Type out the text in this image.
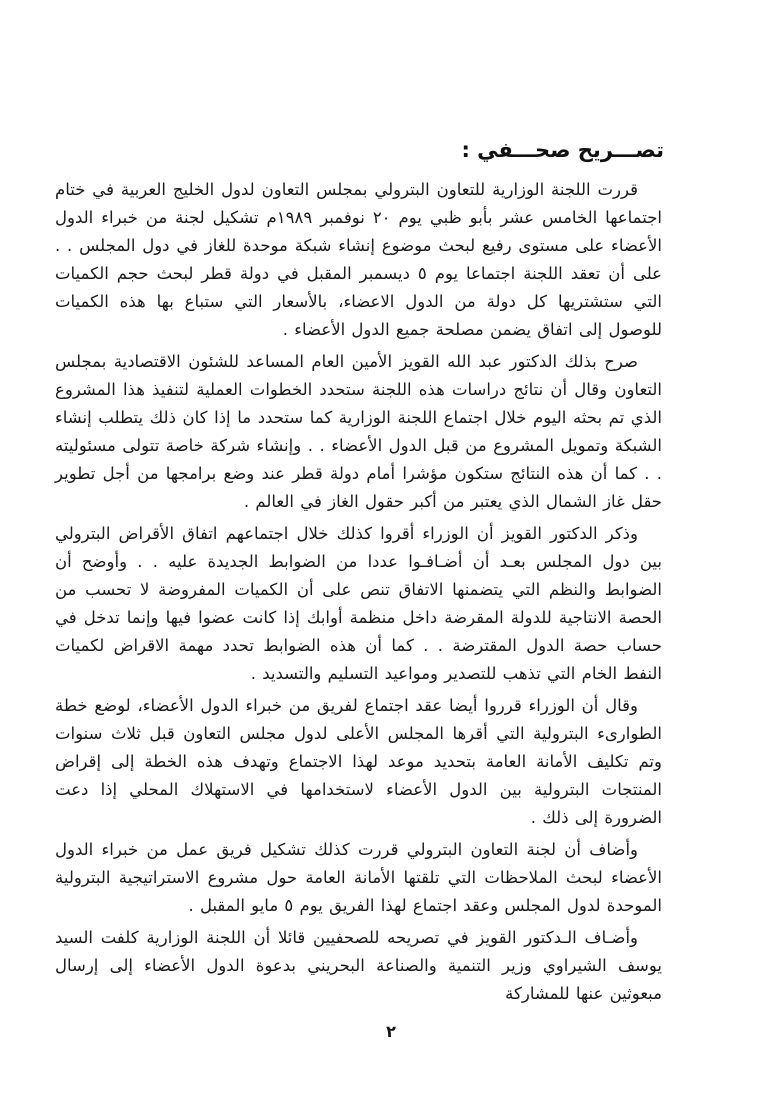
تصـــريح صحـــفي :

قررت اللجنة الوزارية للتعاون البترولي بمجلس التعاون لدول الخليج العربية في ختام اجتماعها الخامس عشر بأبو ظبي يوم ٢٠ نوفمبر ١٩٨٩م تشكيل لجنة من خبراء الدول الأعضاء على مستوى رفيع لبحث موضوع إنشاء شبكة موحدة للغاز في دول المجلس . . على أن تعقد اللجنة اجتماعا يوم ٥ ديسمبر المقبل في دولة قطر لبحث حجم الكميات التي ستشتريها كل دولة من الدول الاعضاء، بالأسعار التي ستباع بها هذه الكميات للوصول إلى اتفاق يضمن مصلحة جميع الدول الأعضاء .

صرح بذلك الدكتور عبد الله القويز الأمين العام المساعد للشئون الاقتصادية بمجلس التعاون وقال أن نتائج دراسات هذه اللجنة ستحدد الخطوات العملية لتنفيذ هذا المشروع الذي تم بحثه اليوم خلال اجتماع اللجنة الوزارية كما ستحدد ما إذا كان ذلك يتطلب إنشاء الشبكة وتمويل المشروع من قبل الدول الأعضاء . . وإنشاء شركة خاصة تتولى مسئوليته . . كما أن هذه النتائج ستكون مؤشرا أمام دولة قطر عند وضع برامجها من أجل تطوير حقل غاز الشمال الذي يعتبر من أكبر حقول الغاز في العالم .

وذكر الدكتور القويز أن الوزراء أقروا كذلك خلال اجتماعهم اتفاق الأقراض البترولي بين دول المجلس بعـد أن أضـافـوا عددا من الضوابط الجديدة عليه . . وأوضح أن الضوابط والنظم التي يتضمنها الاتفاق تنص على أن الكميات المفروضة لا تحسب من الحصة الانتاجية للدولة المقرضة داخل منظمة أوابك إذا كانت عضوا فيها وإنما تدخل في حساب حصة الدول المقترضة . . كما أن هذه الضوابط تحدد مهمة الاقراض لكميات النفط الخام التي تذهب للتصدير ومواعيد التسليم والتسديد .

وقال أن الوزراء قرروا أيضا عقد اجتماع لفريق من خبراء الدول الأعضاء، لوضع خطة الطوارىء البترولية التي أقرها المجلس الأعلى لدول مجلس التعاون قبل ثلاث سنوات وتم تكليف الأمانة العامة بتحديد موعد لهذا الاجتماع وتهدف هذه الخطة إلى إقراض المنتجات البترولية بين الدول الأعضاء لاستخدامها في الاستهلاك المحلي إذا دعت الضرورة إلى ذلك .

وأضاف أن لجنة التعاون البترولي قررت كذلك تشكيل فريق عمل من خبراء الدول الأعضاء لبحث الملاحظات التي تلقتها الأمانة العامة حول مشروع الاستراتيجية البترولية الموحدة لدول المجلس وعقد اجتماع لهذا الفريق يوم ٥ مايو المقبل .

وأضـاف الـدكتور القويز في تصريحه للصحفيين قائلا أن اللجنة الوزارية كلفت السيد يوسف الشيراوي وزير التنمية والصناعة البحريني بدعوة الدول الأعضاء إلى إرسال مبعوثين عنها للمشاركة

٢
